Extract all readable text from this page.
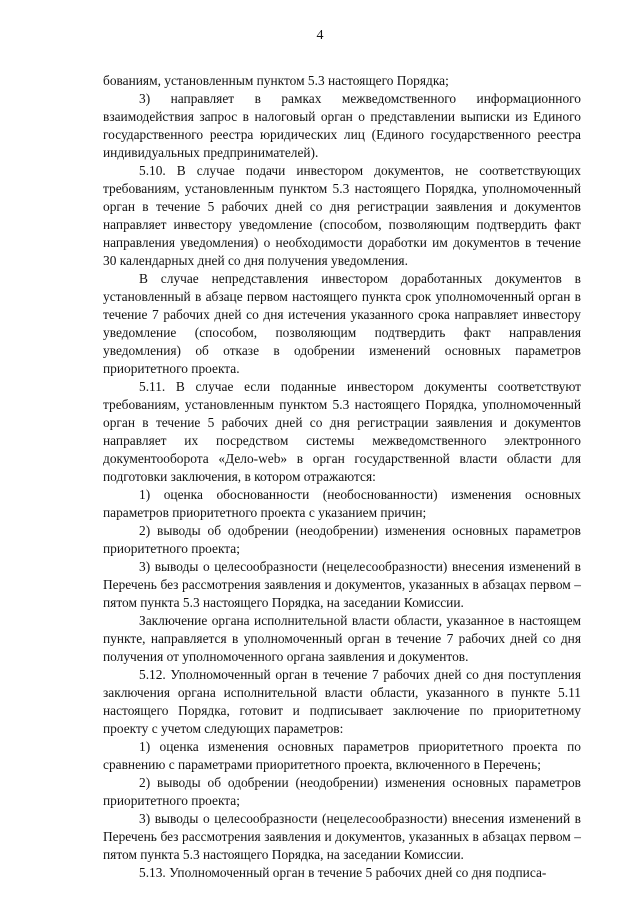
4

бованиям, установленным пунктом 5.3 настоящего Порядка;

3) направляет в рамках межведомственного информационного взаимодействия запрос в налоговый орган о представлении выписки из Единого государственного реестра юридических лиц (Единого государственного реестра индивидуальных предпринимателей).

5.10. В случае подачи инвестором документов, не соответствующих требованиям, установленным пунктом 5.3 настоящего Порядка, уполномоченный орган в течение 5 рабочих дней со дня регистрации заявления и документов направляет инвестору уведомление (способом, позволяющим подтвердить факт направления уведомления) о необходимости доработки им документов в течение 30 календарных дней со дня получения уведомления.

В случае непредставления инвестором доработанных документов в установленный в абзаце первом настоящего пункта срок уполномоченный орган в течение 7 рабочих дней со дня истечения указанного срока направляет инвестору уведомление (способом, позволяющим подтвердить факт направления уведомления) об отказе в одобрении изменений основных параметров приоритетного проекта.

5.11. В случае если поданные инвестором документы соответствуют требованиям, установленным пунктом 5.3 настоящего Порядка, уполномоченный орган в течение 5 рабочих дней со дня регистрации заявления и документов направляет их посредством системы межведомственного электронного документооборота «Дело-web» в орган государственной власти области для подготовки заключения, в котором отражаются:

1) оценка обоснованности (необоснованности) изменения основных параметров приоритетного проекта с указанием причин;

2) выводы об одобрении (неодобрении) изменения основных параметров приоритетного проекта;

3) выводы о целесообразности (нецелесообразности) внесения изменений в Перечень без рассмотрения заявления и документов, указанных в абзацах первом – пятом пункта 5.3 настоящего Порядка, на заседании Комиссии.

Заключение органа исполнительной власти области, указанное в настоящем пункте, направляется в уполномоченный орган в течение 7 рабочих дней со дня получения от уполномоченного органа заявления и документов.

5.12. Уполномоченный орган в течение 7 рабочих дней со дня поступления заключения органа исполнительной власти области, указанного в пункте 5.11 настоящего Порядка, готовит и подписывает заключение по приоритетному проекту с учетом следующих параметров:

1) оценка изменения основных параметров приоритетного проекта по сравнению с параметрами приоритетного проекта, включенного в Перечень;

2) выводы об одобрении (неодобрении) изменения основных параметров приоритетного проекта;

3) выводы о целесообразности (нецелесообразности) внесения изменений в Перечень без рассмотрения заявления и документов, указанных в абзацах первом – пятом пункта 5.3 настоящего Порядка, на заседании Комиссии.

5.13. Уполномоченный орган в течение 5 рабочих дней со дня подписа-
